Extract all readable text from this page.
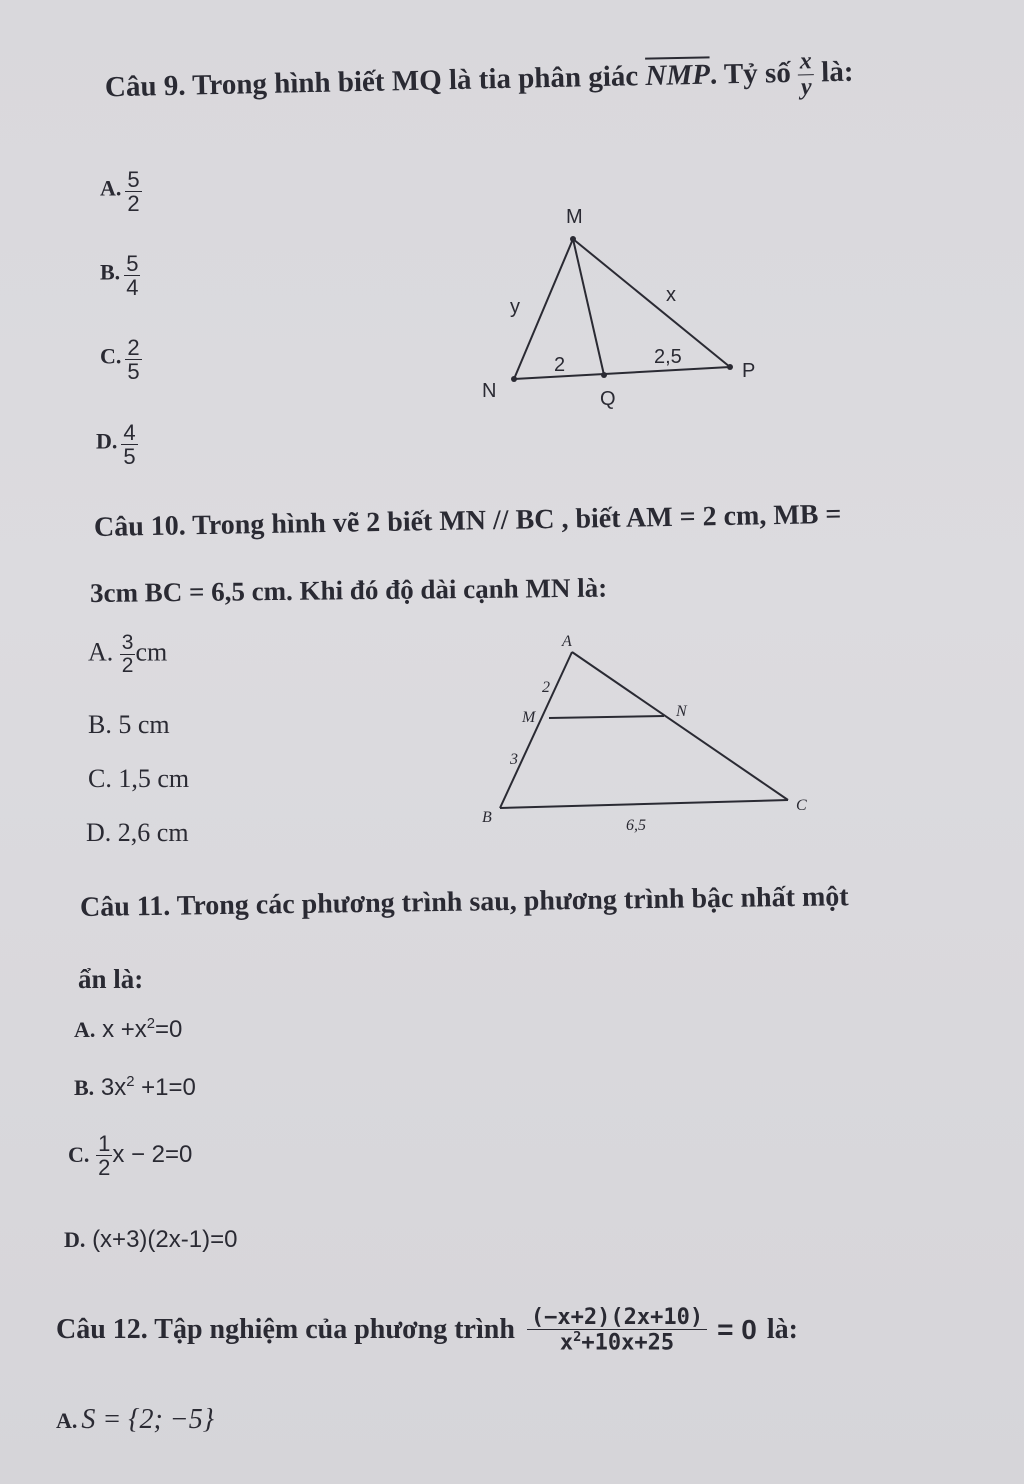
Câu 9. Trong hình biết MQ là tia phân giác $\overline{NMP}$. Tỷ số $\frac{x}{y}$ là:
A. $\frac{5}{2}$
B. $\frac{5}{4}$
C. $\frac{2}{5}$
D. $\frac{4}{5}$
M
N
P
Q
y
x
2	2,5
Câu 10. Trong hình vẽ 2 biết MN // BC , biết AM = 2 cm, MB =
3cm BC = 6,5 cm. Khi đó độ dài cạnh MN là:
A. $\frac{3}{2}$ cm
B. 5 cm
C. 1,5 cm
D. 2,6 cm
A
M	N
B
C
2
3
6,5
Câu 11. Trong các phương trình sau, phương trình bậc nhất một
ẩn là:
A. $x +x^2=0$
B. $3x^2 +1=0$
C. $\frac{1}{2}$ x − 2=0
D. (x+3)(2x-1)=0
Câu 12. Tập nghiệm của phương trình $\frac{(-x+2)(2x+10)}{x^2+10x+25} = 0$ là:
A. S = {2; −5}
